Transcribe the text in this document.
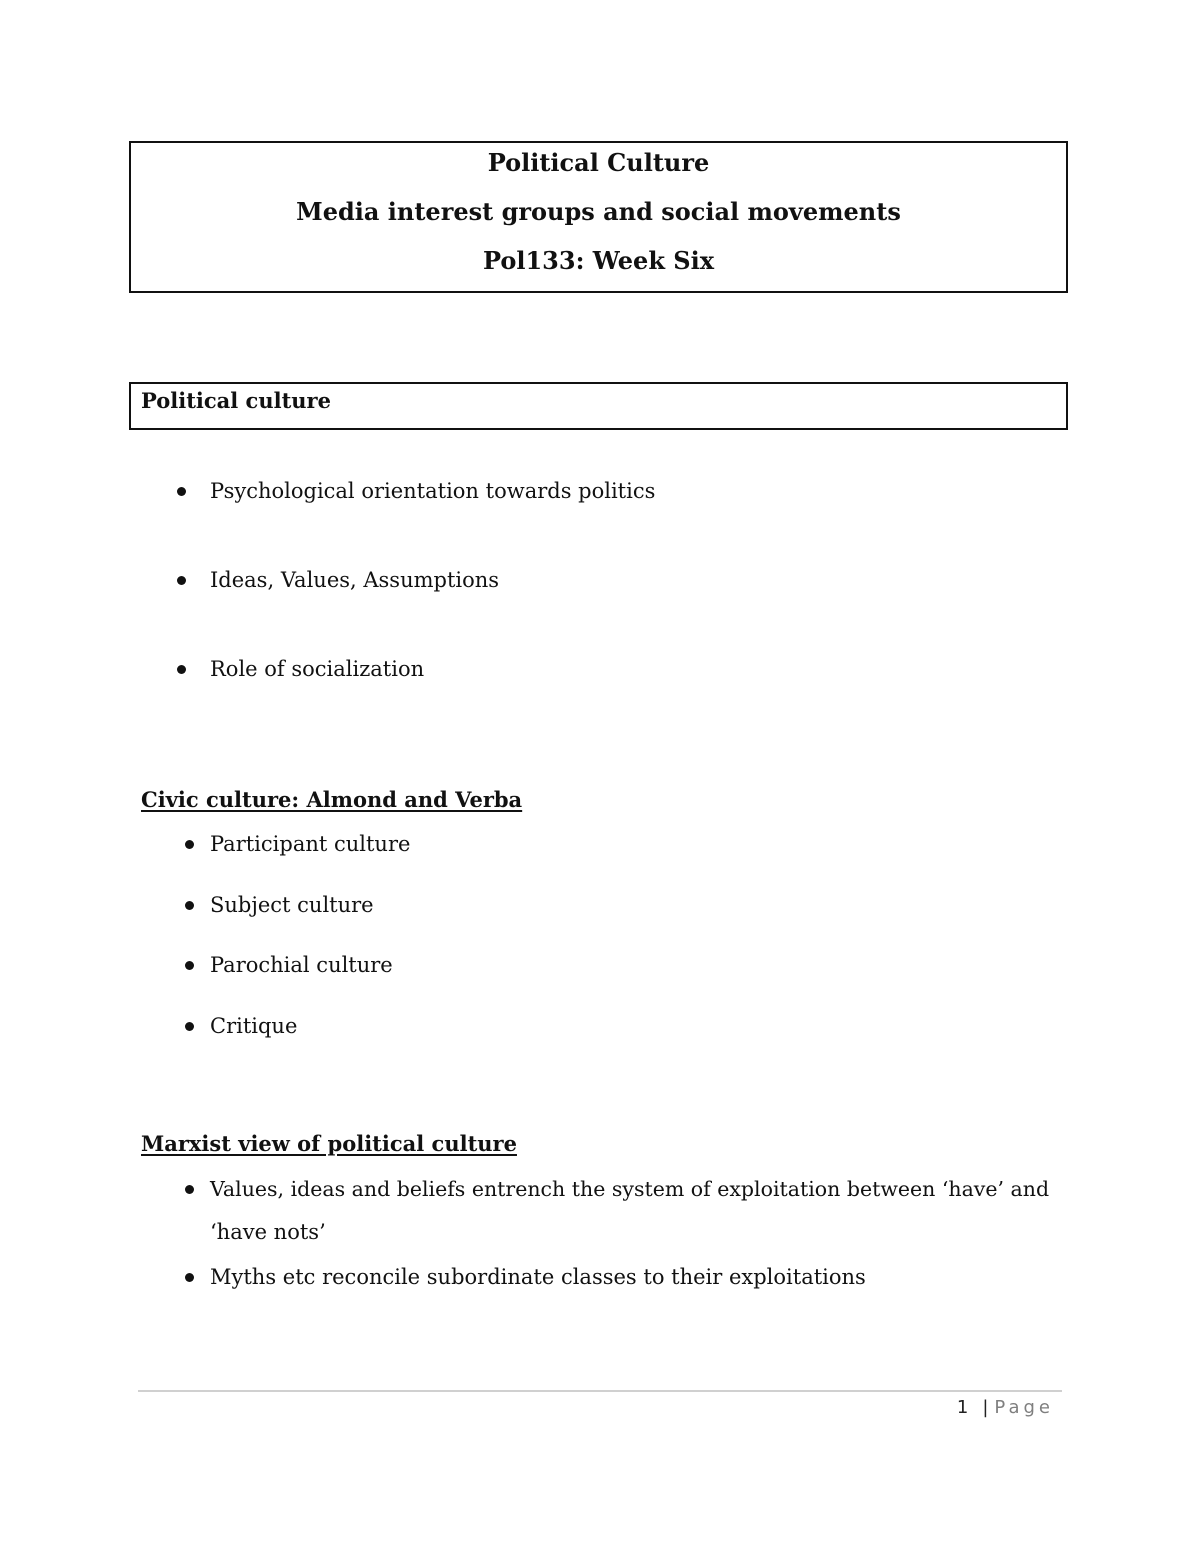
Political Culture
Media interest groups and social movements
Pol133: Week Six
Political culture
Psychological orientation towards politics
Ideas, Values, Assumptions
Role of socialization
Civic culture: Almond and Verba
Participant culture
Subject culture
Parochial culture
Critique
Marxist view of political culture
Values, ideas and beliefs entrench the system of exploitation between ‘have’ and
‘have nots’
Myths etc reconcile subordinate classes to their exploitations
1 | Page
